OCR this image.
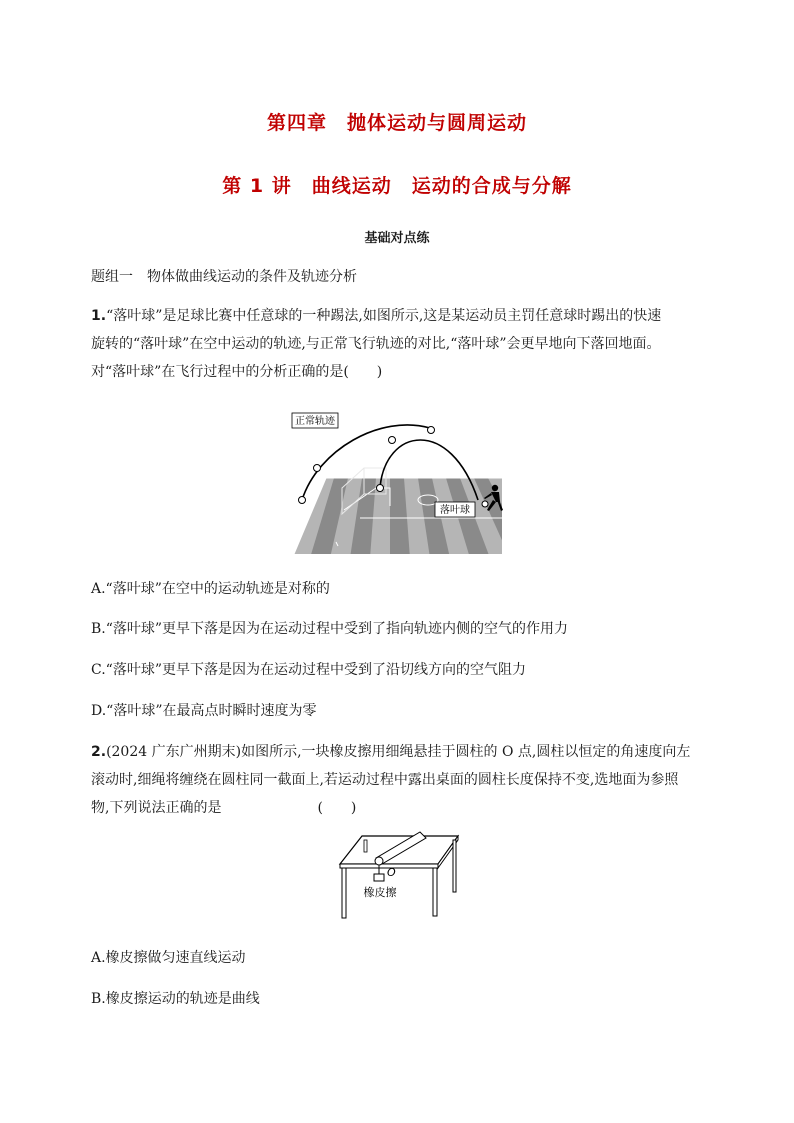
第四章　抛体运动与圆周运动
第 1 讲　曲线运动　运动的合成与分解
基础对点练
题组一　物体做曲线运动的条件及轨迹分析
1.“落叶球”是足球比赛中任意球的一种踢法,如图所示,这是某运动员主罚任意球时踢出的快速
旋转的“落叶球”在空中运动的轨迹,与正常飞行轨迹的对比,“落叶球”会更早地向下落回地面。
对“落叶球”在飞行过程中的分析正确的是(　　)
正常轨迹
落叶球
A.“落叶球”在空中的运动轨迹是对称的
B.“落叶球”更早下落是因为在运动过程中受到了指向轨迹内侧的空气的作用力
C.“落叶球”更早下落是因为在运动过程中受到了沿切线方向的空气阻力
D.“落叶球”在最高点时瞬时速度为零
2.(2024 广东广州期末)如图所示,一块橡皮擦用细绳悬挂于圆柱的 O 点,圆柱以恒定的角速度向左
滚动时,细绳将缠绕在圆柱同一截面上,若运动过程中露出桌面的圆柱长度保持不变,选地面为参照
物,下列说法正确的是	(　　)
O
橡皮擦
A.橡皮擦做匀速直线运动
B.橡皮擦运动的轨迹是曲线
